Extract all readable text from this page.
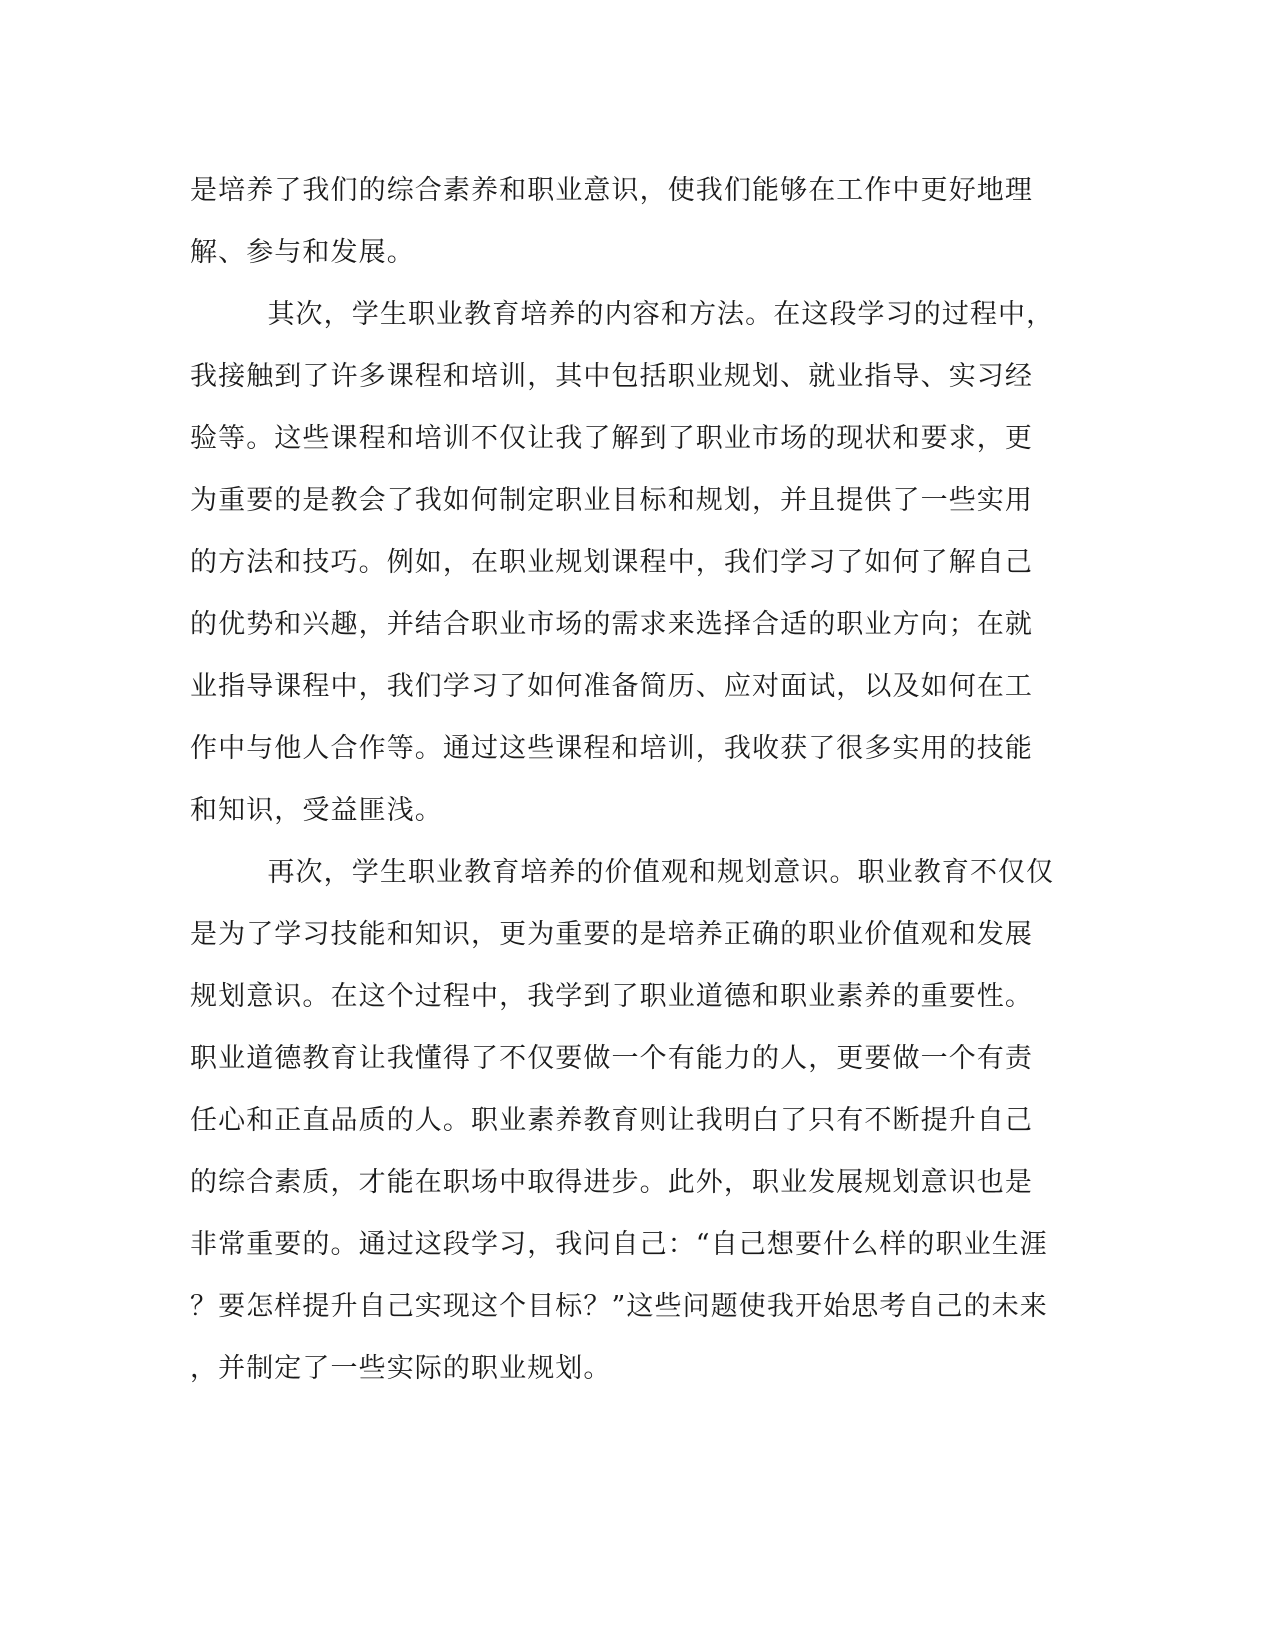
是培养了我们的综合素养和职业意识，使我们能够在工作中更好地理
解、参与和发展。
其次，学生职业教育培养的内容和方法。在这段学习的过程中，
我接触到了许多课程和培训，其中包括职业规划、就业指导、实习经
验等。这些课程和培训不仅让我了解到了职业市场的现状和要求，更
为重要的是教会了我如何制定职业目标和规划，并且提供了一些实用
的方法和技巧。例如，在职业规划课程中，我们学习了如何了解自己
的优势和兴趣，并结合职业市场的需求来选择合适的职业方向；在就
业指导课程中，我们学习了如何准备简历、应对面试，以及如何在工
作中与他人合作等。通过这些课程和培训，我收获了很多实用的技能
和知识，受益匪浅。
再次，学生职业教育培养的价值观和规划意识。职业教育不仅仅
是为了学习技能和知识，更为重要的是培养正确的职业价值观和发展
规划意识。在这个过程中，我学到了职业道德和职业素养的重要性。
职业道德教育让我懂得了不仅要做一个有能力的人，更要做一个有责
任心和正直品质的人。职业素养教育则让我明白了只有不断提升自己
的综合素质，才能在职场中取得进步。此外，职业发展规划意识也是
非常重要的。通过这段学习，我问自己：“自己想要什么样的职业生涯
？要怎样提升自己实现这个目标？”这些问题使我开始思考自己的未来
，并制定了一些实际的职业规划。
